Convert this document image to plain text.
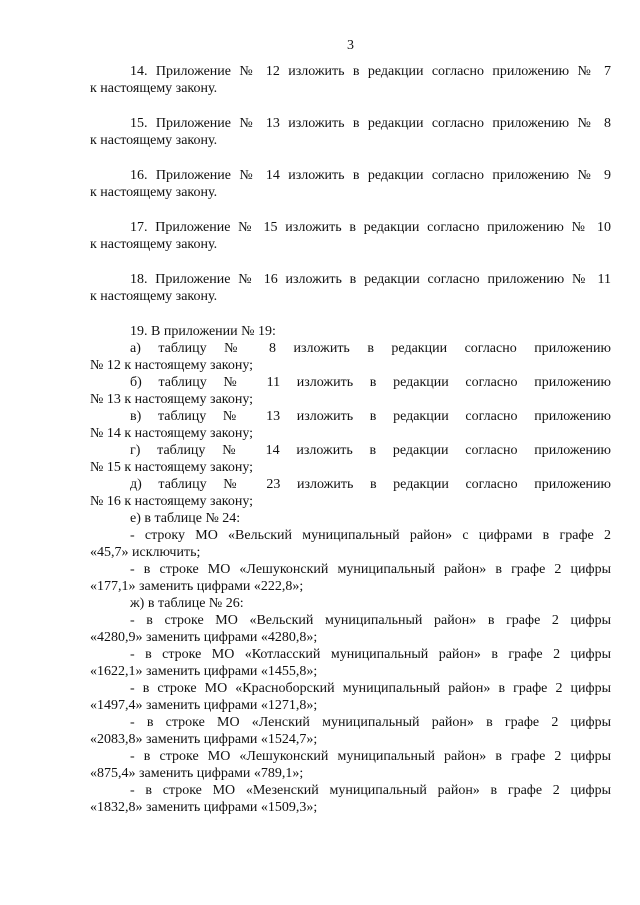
3
14. Приложение № 12 изложить в редакции согласно приложению № 7
к настоящему закону.
15. Приложение № 13 изложить в редакции согласно приложению № 8
к настоящему закону.
16. Приложение № 14 изложить в редакции согласно приложению № 9
к настоящему закону.
17. Приложение № 15 изложить в редакции согласно приложению № 10
к настоящему закону.
18. Приложение № 16 изложить в редакции согласно приложению № 11
к настоящему закону.
19. В приложении № 19:
а) таблицу № 8 изложить в редакции согласно приложению
№ 12 к настоящему закону;
б) таблицу № 11 изложить в редакции согласно приложению
№ 13 к настоящему закону;
в) таблицу № 13 изложить в редакции согласно приложению
№ 14 к настоящему закону;
г) таблицу № 14 изложить в редакции согласно приложению
№ 15 к настоящему закону;
д) таблицу № 23 изложить в редакции согласно приложению
№ 16 к настоящему закону;
е) в таблице № 24:
- строку МО «Вельский муниципальный район» с цифрами в графе 2
«45,7» исключить;
- в строке МО «Лешуконский муниципальный район» в графе 2 цифры
«177,1» заменить цифрами «222,8»;
ж) в таблице № 26:
- в строке МО «Вельский муниципальный район» в графе 2 цифры
«4280,9» заменить цифрами «4280,8»;
- в строке МО «Котласский муниципальный район» в графе 2 цифры
«1622,1» заменить цифрами «1455,8»;
- в строке МО «Красноборский муниципальный район» в графе 2 цифры
«1497,4» заменить цифрами «1271,8»;
- в строке МО «Ленский муниципальный район» в графе 2 цифры
«2083,8» заменить цифрами «1524,7»;
- в строке МО «Лешуконский муниципальный район» в графе 2 цифры
«875,4» заменить цифрами «789,1»;
- в строке МО «Мезенский муниципальный район» в графе 2 цифры
«1832,8» заменить цифрами «1509,3»;
